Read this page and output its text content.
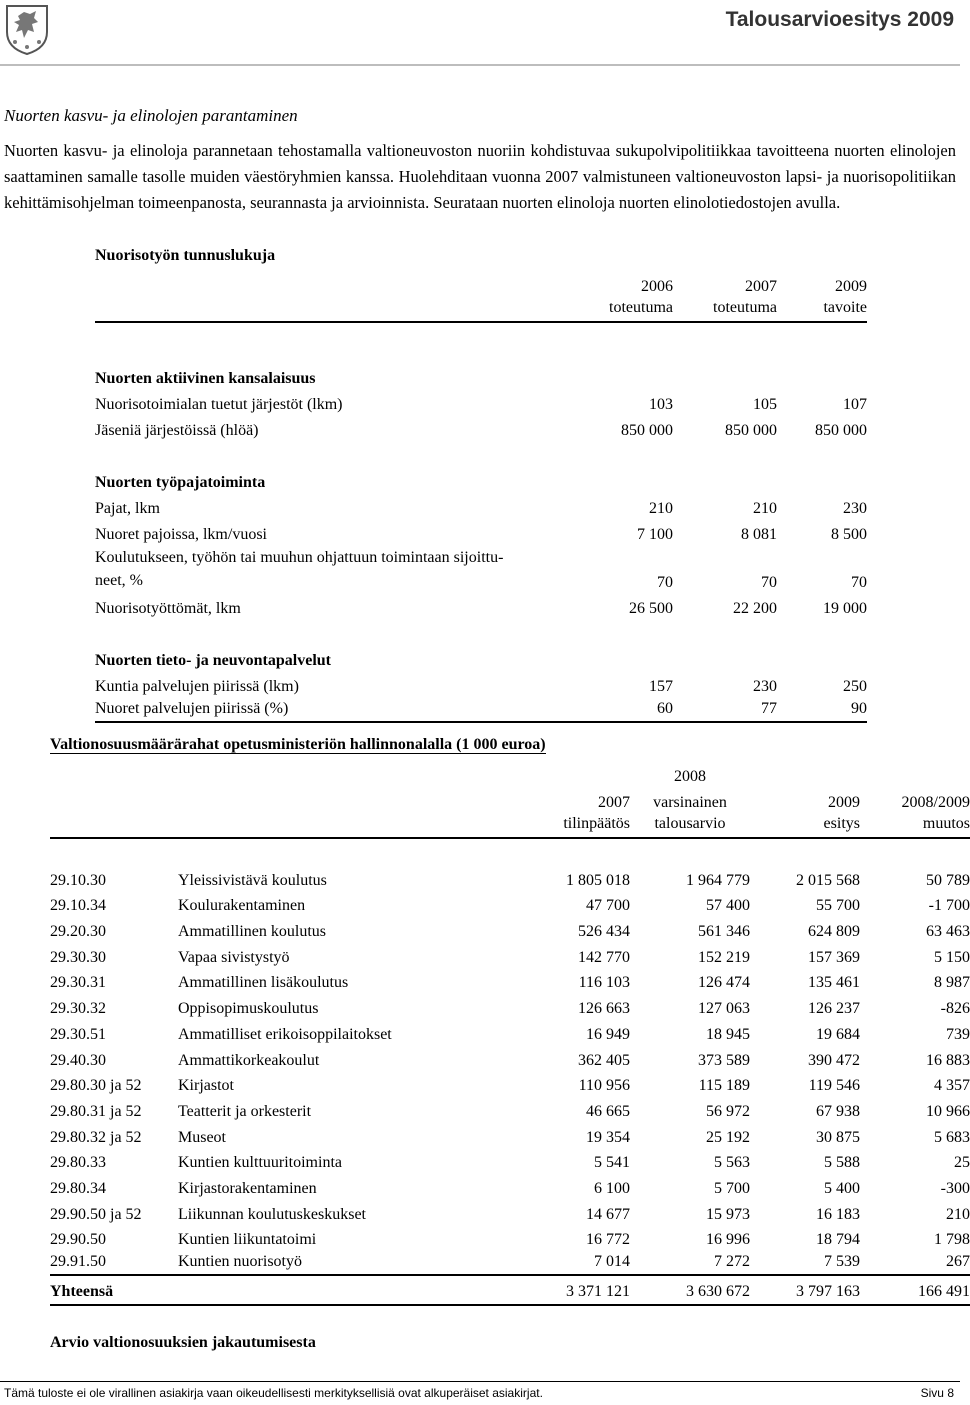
Talousarvioesitys 2009
Nuorten kasvu- ja elinolojen parantaminen

Nuorten kasvu- ja elinoloja parannetaan tehostamalla valtioneuvoston nuoriin kohdistuvaa sukupolvipolitiikkaa tavoitteena nuorten elinolojen saattaminen samalle tasolle muiden väestöryhmien kanssa. Huolehditaan vuonna 2007 valmistuneen valtioneuvoston lapsi- ja nuorisopolitiikan kehittämisohjelman toimeenpanosta, seurannasta ja arvioinnista. Seurataan nuorten elinoloja nuorten elinolotiedostojen avulla.

Nuorisotyön tunnuslukuja
	2006	2007	2009
	toteutuma	toteutuma	tavoite

Nuorten aktiivinen kansalaisuus			
Nuorisotoimialan tuetut järjestöt (lkm)	103	105	107
Jäseniä järjestöissä (hlöä)	850 000	850 000	850 000

Nuorten työpajatoiminta			
Pajat, lkm	210	210	230
Nuoret pajoissa, lkm/vuosi	7 100	8 081	8 500

Koulutukseen, työhön tai muuhun ohjattuun toimintaan sijoittu-
neet, %	70	70	70
Nuorisotyöttömät, lkm	26 500	22 200	19 000

Nuorten tieto- ja neuvontapalvelut			
Kuntia palvelujen piirissä (lkm)	157	230	250
Nuoret palvelujen piirissä (%)	60	77	90
Valtionosuusmäärärahat opetusministeriön hallinnonalalla (1 000 euroa)
			2008		
		2007	varsinainen	2009	2008/2009
		tilinpäätös	talousarvio	esitys	muutos

29.10.30	Yleissivistävä koulutus	1 805 018	1 964 779	2 015 568	50 789
29.10.34	Koulurakentaminen	47 700	57 400	55 700	-1 700
29.20.30	Ammatillinen koulutus	526 434	561 346	624 809	63 463
29.30.30	Vapaa sivistystyö	142 770	152 219	157 369	5 150
29.30.31	Ammatillinen lisäkoulutus	116 103	126 474	135 461	8 987
29.30.32	Oppisopimuskoulutus	126 663	127 063	126 237	-826
29.30.51	Ammatilliset erikoisoppilaitokset	16 949	18 945	19 684	739
29.40.30	Ammattikorkeakoulut	362 405	373 589	390 472	16 883
29.80.30 ja 52	Kirjastot	110 956	115 189	119 546	4 357
29.80.31 ja 52	Teatterit ja orkesterit	46 665	56 972	67 938	10 966
29.80.32 ja 52	Museot	19 354	25 192	30 875	5 683
29.80.33	Kuntien kulttuuritoiminta	5 541	5 563	5 588	25
29.80.34	Kirjastorakentaminen	6 100	5 700	5 400	-300
29.90.50 ja 52	Liikunnan koulutuskeskukset	14 677	15 973	16 183	210
29.90.50	Kuntien liikuntatoimi	16 772	16 996	18 794	1 798
29.91.50	Kuntien nuorisotyö	7 014	7 272	7 539	267
Yhteensä		3 371 121	3 630 672	3 797 163	166 491
Arvio valtionosuuksien jakautumisesta
Tämä tuloste ei ole virallinen asiakirja vaan oikeudellisesti merkityksellisiä ovat alkuperäiset asiakirjat.	Sivu 8
